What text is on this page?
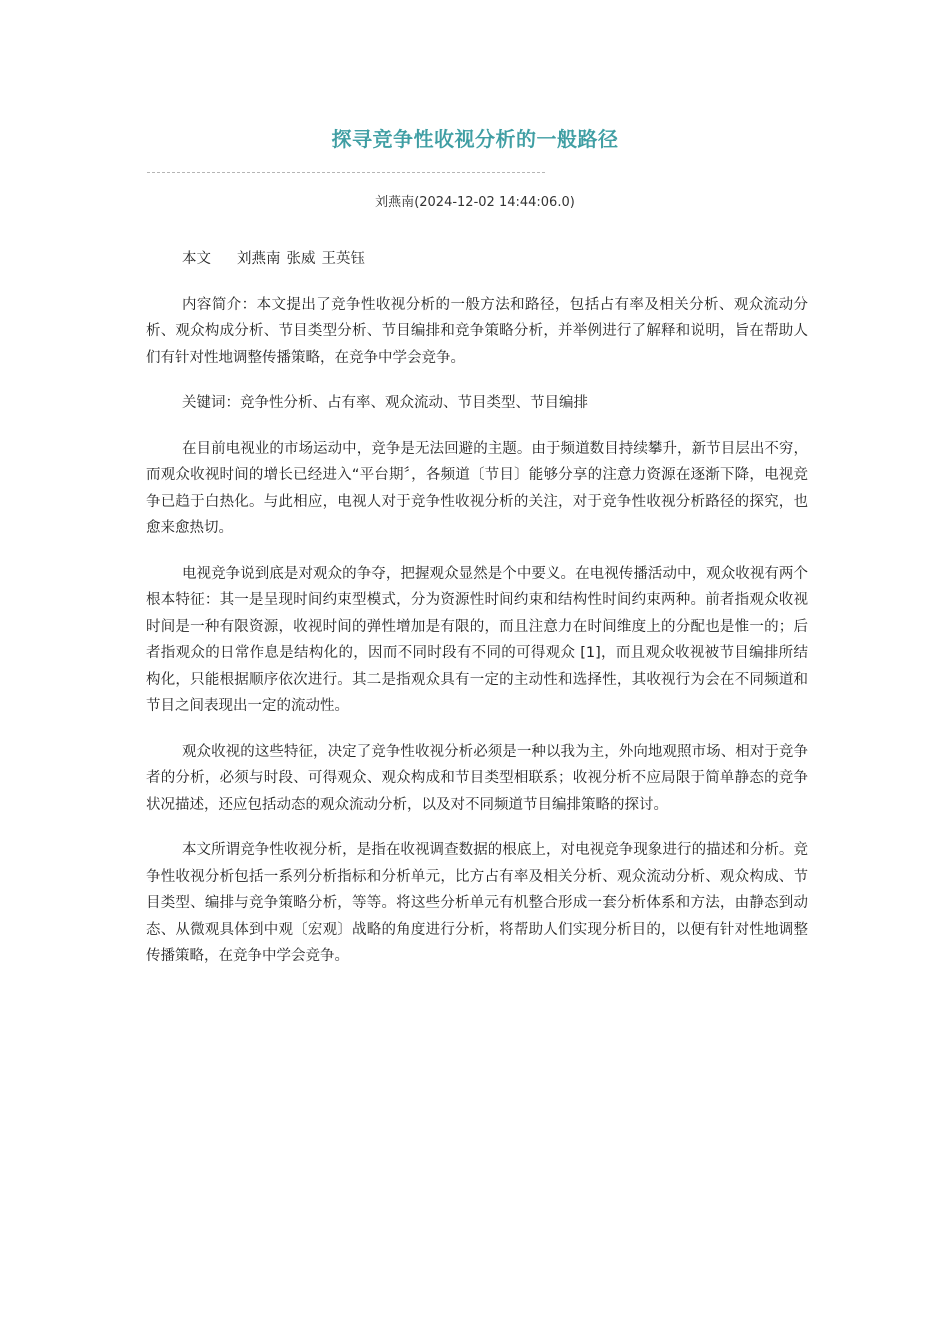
探寻竞争性收视分析的一般路径
刘燕南(2024-12-02 14:44:06.0)

本文 刘燕南 张威 王英钰

内容简介：本文提出了竞争性收视分析的一般方法和路径，包括占有率及相关分析、观众流动分析、观众构成分析、节目类型分析、节目编排和竞争策略分析，并举例进行了解释和说明，旨在帮助人们有针对性地调整传播策略，在竞争中学会竞争。

关键词：竞争性分析、占有率、观众流动、节目类型、节目编排

在目前电视业的市场运动中，竞争是无法回避的主题。由于频道数目持续攀升，新节目层出不穷，而观众收视时间的增长已经进入“平台期〞，各频道〔节目〕能够分享的注意力资源在逐渐下降，电视竞争已趋于白热化。与此相应，电视人对于竞争性收视分析的关注，对于竞争性收视分析路径的探究，也愈来愈热切。

电视竞争说到底是对观众的争夺，把握观众显然是个中要义。在电视传播活动中，观众收视有两个根本特征：其一是呈现时间约束型模式，分为资源性时间约束和结构性时间约束两种。前者指观众收视时间是一种有限资源，收视时间的弹性增加是有限的，而且注意力在时间维度上的分配也是惟一的；后者指观众的日常作息是结构化的，因而不同时段有不同的可得观众 [1]，而且观众收视被节目编排所结构化，只能根据顺序依次进行。其二是指观众具有一定的主动性和选择性，其收视行为会在不同频道和节目之间表现出一定的流动性。

观众收视的这些特征，决定了竞争性收视分析必须是一种以我为主，外向地观照市场、相对于竞争者的分析，必须与时段、可得观众、观众构成和节目类型相联系；收视分析不应局限于简单静态的竞争状况描述，还应包括动态的观众流动分析，以及对不同频道节目编排策略的探讨。

本文所谓竞争性收视分析，是指在收视调查数据的根底上，对电视竞争现象进行的描述和分析。竞争性收视分析包括一系列分析指标和分析单元，比方占有率及相关分析、观众流动分析、观众构成、节目类型、编排与竞争策略分析，等等。将这些分析单元有机整合形成一套分析体系和方法，由静态到动态、从微观具体到中观〔宏观〕战略的角度进行分析，将帮助人们实现分析目的，以便有针对性地调整传播策略，在竞争中学会竞争。
